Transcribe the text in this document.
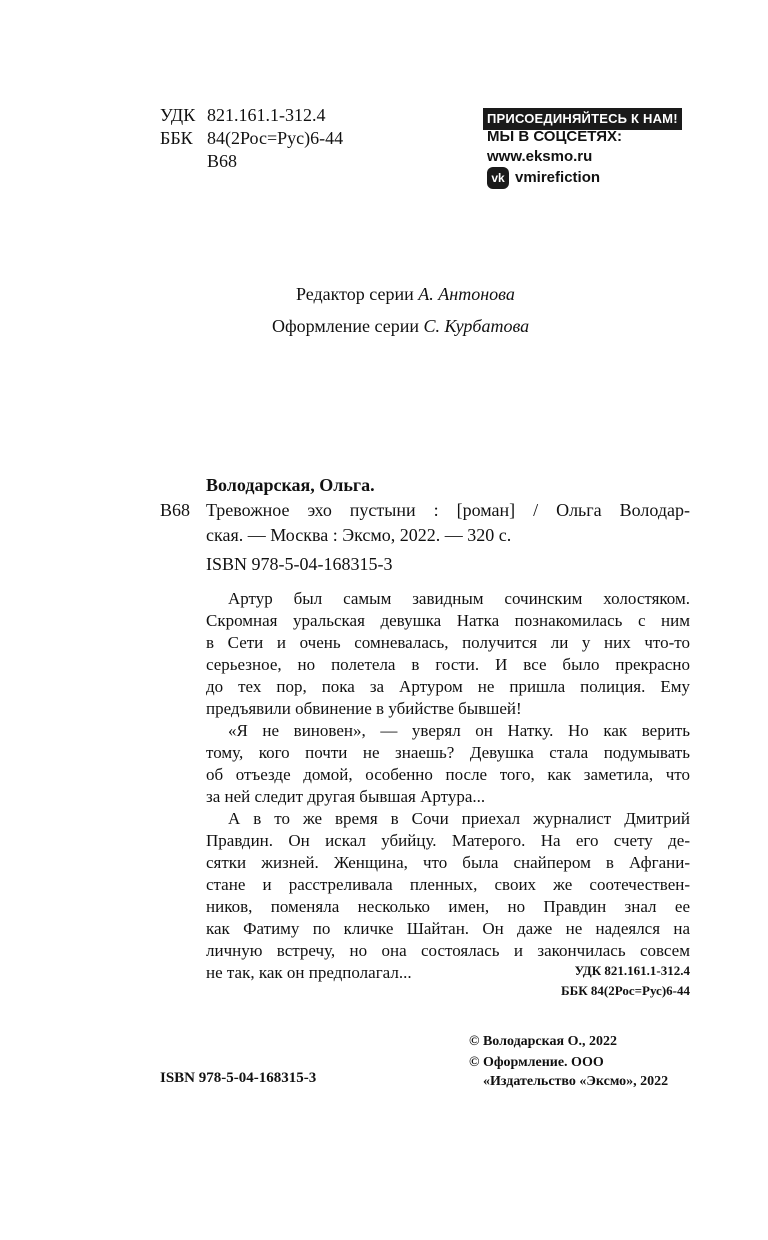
УДК 821.161.1-312.4
ББК 84(2Рос=Рус)6-44
В68
ПРИСОЕДИНЯЙТЕСЬ К НАМ!
МЫ В СОЦСЕТЯХ:
www.eksmo.ru
vk vmirefiction
Редактор серии А. Антонова
Оформление серии С. Курбатова
Володарская, Ольга.
В68 Тревожное эхо пустыни : [роман] / Ольга Володар-
ская. — Москва : Эксмо, 2022. — 320 с.
ISBN 978-5-04-168315-3
Артур был самым завидным сочинским холостяком.
Скромная уральская девушка Натка познакомилась с ним
в Сети и очень сомневалась, получится ли у них что-то
серьезное, но полетела в гости. И все было прекрасно
до тех пор, пока за Артуром не пришла полиция. Ему
предъявили обвинение в убийстве бывшей!
«Я не виновен», — уверял он Натку. Но как верить
тому, кого почти не знаешь? Девушка стала подумывать
об отъезде домой, особенно после того, как заметила, что
за ней следит другая бывшая Артура...
А в то же время в Сочи приехал журналист Дмитрий
Правдин. Он искал убийцу. Матерого. На его счету де-
сятки жизней. Женщина, что была снайпером в Афгани-
стане и расстреливала пленных, своих же соотечествен-
ников, поменяла несколько имен, но Правдин знал ее
как Фатиму по кличке Шайтан. Он даже не надеялся на
личную встречу, но она состоялась и закончилась совсем
не так, как он предполагал...	УДК 821.161.1-312.4
ББК 84(2Рос=Рус)6-44
© Володарская О., 2022
© Оформление. ООО
«Издательство «Эксмо», 2022
ISBN 978-5-04-168315-3
